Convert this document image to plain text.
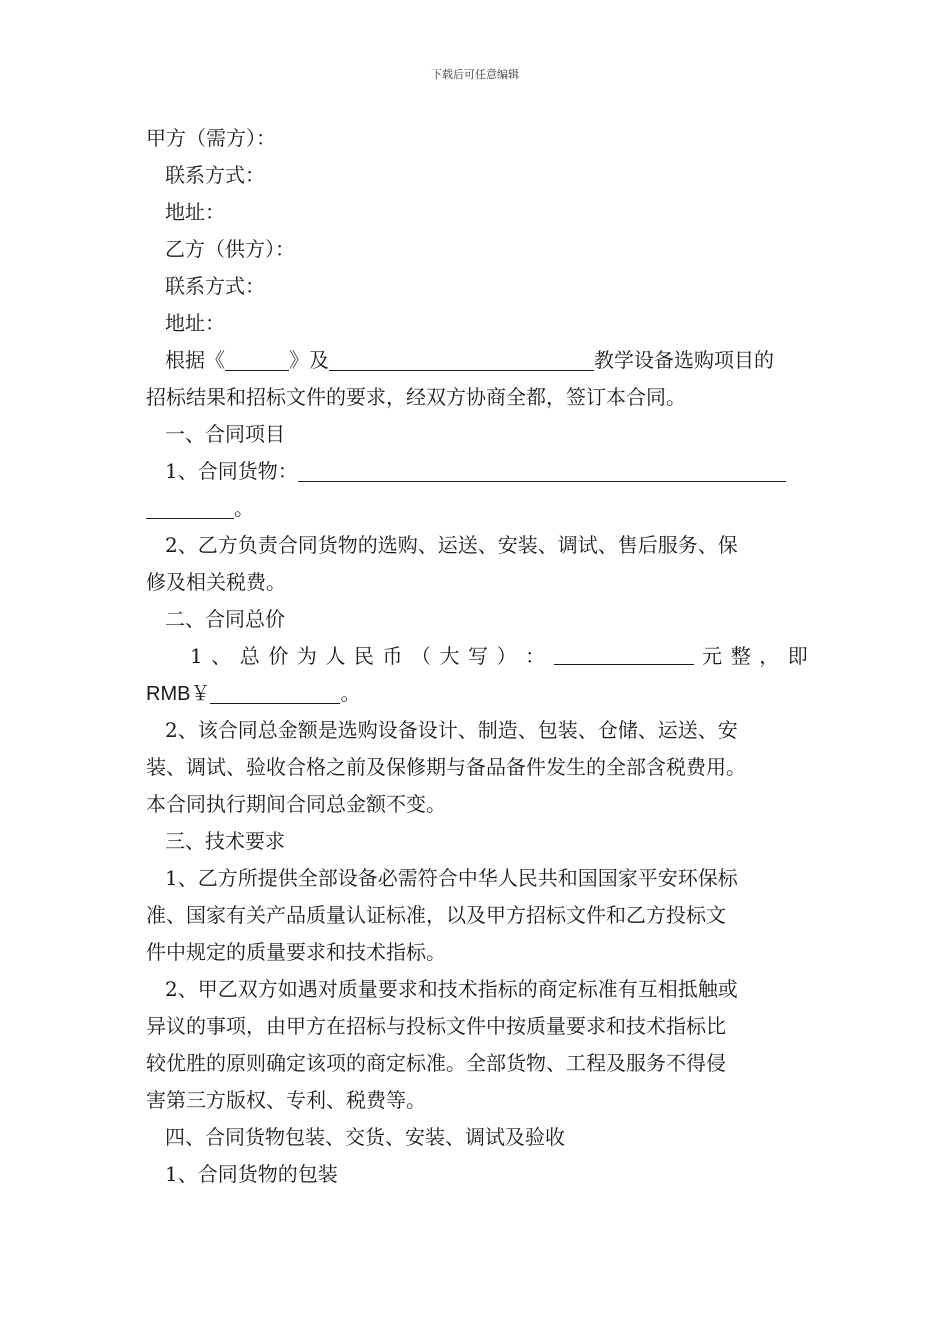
下载后可任意编辑
甲方（需方）：
联系方式：
地址：
乙方（供方）：
联系方式：
地址：
根据《	》及	教学设备选购项目的
招标结果和招标文件的要求，经双方协商全都，签订本合同。
一、合同项目
1、合同货物：
。
2、乙方负责合同货物的选购、运送、安装、调试、售后服务、保
修及相关税费。
二、合同总价
1 、 总 价 为 人 民 币 （ 大 写 ） ：	元 整 ， 即
RMB￥	。
2、该合同总金额是选购设备设计、制造、包装、仓储、运送、安
装、调试、验收合格之前及保修期与备品备件发生的全部含税费用。
本合同执行期间合同总金额不变。
三、技术要求
1、乙方所提供全部设备必需符合中华人民共和国国家平安环保标
准、国家有关产品质量认证标准，以及甲方招标文件和乙方投标文
件中规定的质量要求和技术指标。
2、甲乙双方如遇对质量要求和技术指标的商定标准有互相抵触或
异议的事项，由甲方在招标与投标文件中按质量要求和技术指标比
较优胜的原则确定该项的商定标准。全部货物、工程及服务不得侵
害第三方版权、专利、税费等。
四、合同货物包装、交货、安装、调试及验收
1、合同货物的包装
